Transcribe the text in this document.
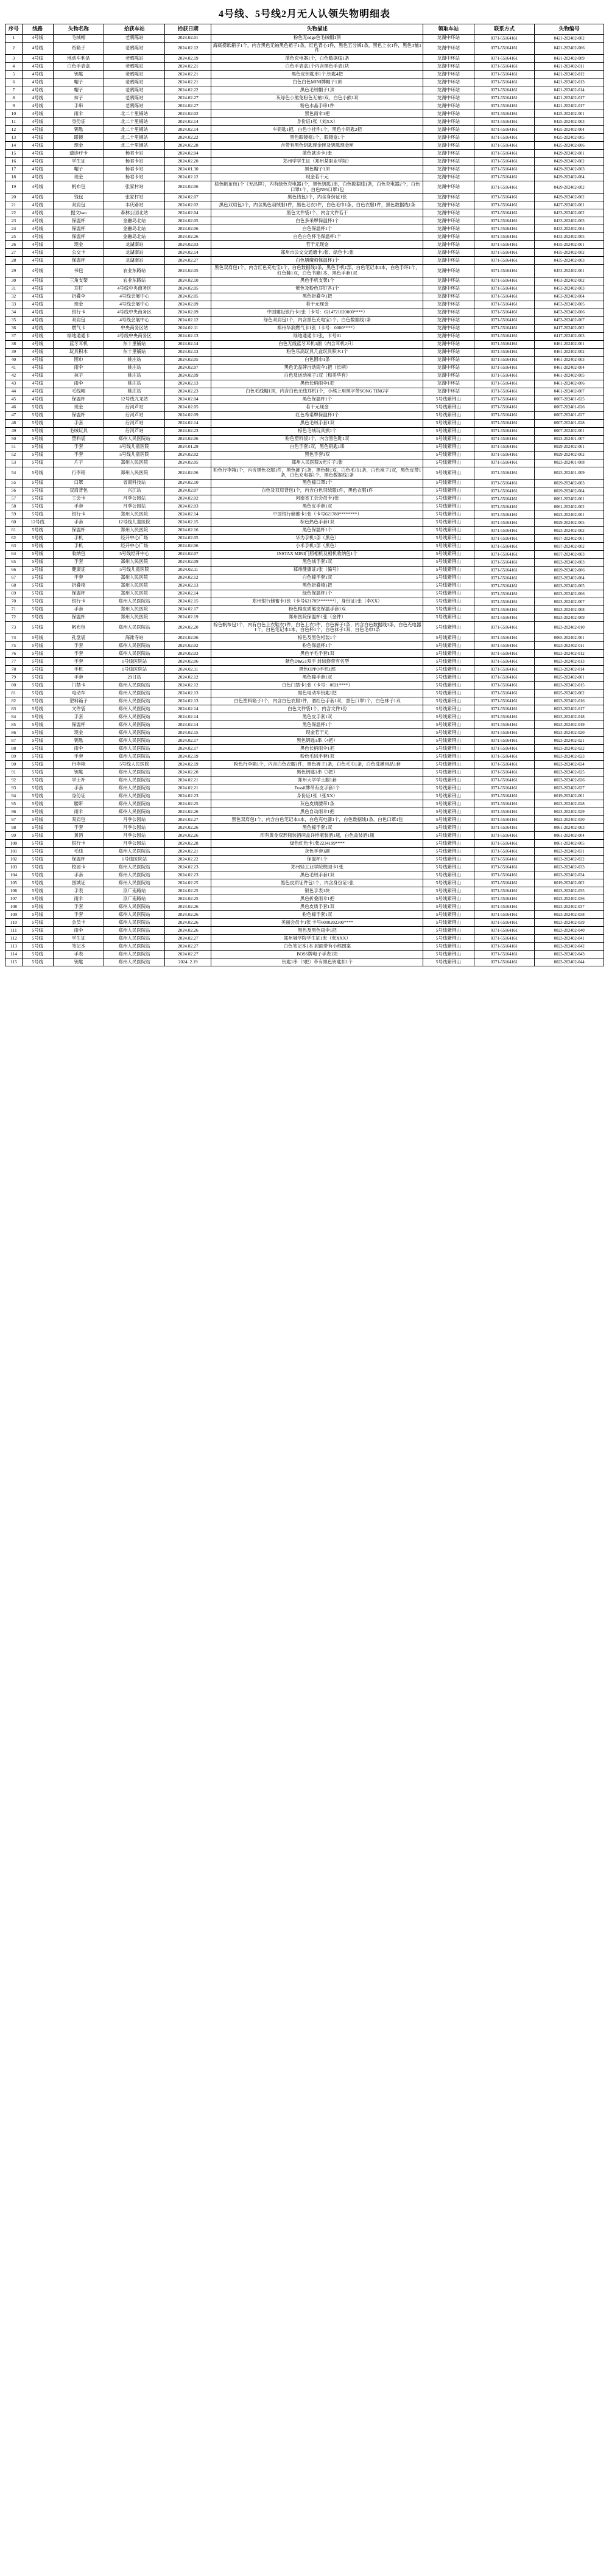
4号线、5号线2月无人认领失物明细表
序号	线路	失物名称	拾获车站	拾获日期	失物描述	领取车站	联系方式	失物编号
1	4号线	毛绒帽	老鸦陈站	2024.02.01	粉色无edge色毛绒帽1顶	龙湖中环站	0371-55164161	0421-202402-002
2	4号线	纸箱子	老鸦陈站	2024.02.12	海底捞纸箱子1个，内含黑色无袖黑色裙子1条，红色背心1件，黑色五分裤1条，黑色上衣1件，黑色T恤1件	龙湖中环站	0371-55164161	0421-202402-006
3	4号线	地动车利品	老鸦陈站	2024.02.19	蓝色充电器1个，白色数据线1条	龙湖中环站	0371-55164161	0421-202402-009
4	4号线	白色手表盒	老鸦陈站	2024.02.21	白色手表盒1个内含黑色手表1块	龙湖中环站	0371-55164161	0421-202402-011
5	4号线	钥匙	老鸦陈站	2024.02.21	黑色皮钥匙串1个,钥匙4把	龙湖中环站	0371-55164161	0421-202402-012
6	4号线	帽子	老鸦陈站	2024.02.21	白色白色MINI牌帽子1顶	龙湖中环站	0371-55164161	0421-202402-013
7	4号线	帽子	老鸦陈站	2024.02.22	黑色毛绒帽子1顶	龙湖中环站	0371-55164161	0421-202402-014
8	4号线	袜子	老鸦陈站	2024.02.27	灰绿色小熊免粉色无袖1双，白色小熊1双	龙湖中环站	0371-55164161	0421-202402-017
9	4号线	手串	老鸦陈站	2024.02.27	粉色水晶手串1件	龙湖中环站	0371-55164161	0421-202402-017
10	4号线	雨伞	北二十里铺站	2024.02.02	黑色雨伞1把	龙湖中环站	0371-55164161	0425-202402-001
11	4号线	身份证	北二十里铺站	2024.02.14	身份证1张（刘XX）	龙湖中环站	0371-55164161	0425-202402-003
12	4号线	钥匙	北二十里铺站	2024.02.14	车钥匙1把，白色小挂件1个，黑色小钥匙2把	龙湖中环站	0371-55164161	0425-202402-004
13	4号线	眼镜	北二十里铺站	2024.02.22	黑色眼镜框1个，眼镜盒1个	龙湖中环站	0371-55164161	0425-202402-005
14	4号线	现金	北二十里铺站	2024.02.28	含带有黑色钥匙现金匣及钥匙现金匣	龙湖中环站	0371-55164161	0425-202402-006
15	4号线	遗诊疗卡	杨君卡站	2024.02.04	蓝色就诊卡1张	龙湖中环站	0371-55164161	0429-202402-001
16	4号线	学生证	杨君卡站	2024.02.20	郑州学学生证（郑州某职业学院）	龙湖中环站	0371-55164161	0429-202402-002
17	4号线	帽子	杨君卡站	2024.01.30	黑色帽子1顶	龙湖中环站	0371-55164161	0429-202402-003
18	4号线	现金	杨君卡站	2024.02.12	现金若干元	龙湖中环站	0371-55164161	0429-202402-004
19	4号线	帆布包	张家村站	2024.02.06	棕色帆布包1个（无品牌），内有绿色充电器1个，黑色钥匙1串，白色数据线1条，白色充电器2个，白色口罩1个，白色N95口罩1包	龙湖中环站	0371-55164161	0429-202402-002
20	4号线	钱包	张家村站	2024.02.07	黑色钱包1个，内含身份证1张	龙湖中环站	0371-55164161	0429-202402-002
21	4号线	双肩包	丰庆路站	2024.02.02	黑色双肩包1个，内含黑色羽绒服1件，黑色毛衣1件，白色毛巾1条，白色衣服1件，黑色数据线1条	龙湖中环站	0371-55164161	0427-202402-001
22	4号线	提文hao	森林公园北站	2024.02.04	黑色文件袋1个，内含文件若干	龙湖中环站	0371-55164161	0433-202402-002
23	4号线	保温杯	金融岛北站	2024.02.05	白色多采牌保温杯1个	龙湖中环站	0371-55164161	0433-202402-003
24	4号线	保温杯	金融岛北站	2024.02.06	白色保温杯1个	龙湖中环站	0371-55164161	0433-202402-004
25	4号线	保温杯	金融岛北站	2024.02.26	白色白色杯毛保温杯1个	龙湖中环站	0371-55164161	0433-202402-005
26	4号线	现金	龙湖南站	2024.02.03	若干元现金	龙湖中环站	0371-55164161	0435-202402-001
27	4号线	公交卡	龙湖南站	2024.02.14	郑州市公交交通通卡1张、绿色卡1张	龙湖中环站	0371-55164161	0435-202402-002
28	4号线	保温杯	龙湖南站	2024.02.27	白色膳魔师保温杯1个	龙湖中环站	0371-55164161	0435-202402-003
29	4号线	书包	农业东路站	2024.02.05	黑色双肩包1个，内含红色充电宝1个，白色数据线1条，黑色手机1部，白色笔记本1本，白色手环1个，红色鞋1双，白色书籍1本，黑色手套1双	龙湖中环站	0371-55164161	0453-202402-001
30	4号线	三角支架	农业东路站	2024.02.10	黑色手机支架1个	龙湖中环站	0371-55164161	0453-202402-002
31	4号线	耳钉	4号线中央商务区	2024.02.05	紫色及粉色耳钉各1个	龙湖中环站	0371-55164161	0453-202402-003
32	4号线	折叠伞	4号线会展中心	2024.02.05	黑色折叠伞1把	龙湖中环站	0371-55164161	0453-202402-004
33	4号线	现金	4号线会展中心	2024.02.09	若干元现金	龙湖中环站	0371-55164161	0453-202402-005
34	4号线	银行卡	4号线中央商务区	2024.02.09	中国建设银行卡1张（卡号：6214721020000****）	龙湖中环站	0371-55164161	0453-202402-006
35	4号线	双肩包	4号线会展中心	2024.02.12	绿色双肩包1个，内含黑色充电宝1个，白色数据线1条	龙湖中环站	0371-55164161	0453-202402-007
36	4号线	燃气卡	中央商务区站	2024.02.11	郑州华润燃气卡1张（卡号：0000****）	龙湖中环站	0371-55164161	0417-202402-002
37	4号线	绿地通通卡	4号线中央商务区	2024.02.13	绿地通通卡1张，卡号01	龙湖中环站	0371-55164161	0417-202402-003
38	4号线	蓝牙耳机	东十里铺站	2024.02.14	白色无线蓝牙耳机1副（内含耳机2只）	龙湖中环站	0371-55164161	0461-202402-001
39	4号线	玩具积木	东十里铺站	2024.02.13	粉色乐高玩具几盒玩具积木1个	龙湖中环站	0371-55164161	0461-202402-002
40	4号线	围巾	姚庄站	2024.02.05	白色围巾1条	龙湖中环站	0371-55164161	0461-202402-003
41	4号线	雨伞	姚庄站	2024.02.07	黑色无品牌自动雨伞1把（长柄）	龙湖中环站	0371-55164161	0461-202402-004
42	4号线	袜子	姚庄站	2024.02.09	白色及运动袜子1双（和美华有）	龙湖中环站	0371-55164161	0461-202402-005
43	4号线	雨伞	姚庄站	2024.02.13	黑色长柄雨伞1把	龙湖中环站	0371-55164161	0461-202402-006
44	4号线	毛线帽	姚庄站	2024.02.23	白色毛线帽1顶，内含白色无线耳机1个，小熊上用黑字带SONG TING字	龙湖中环站	0371-55164161	0461-202402-007
45	4号线	保温杯	12号线九龙站	2024.02.04	黑色保温杯1个	5号线紫荆山	0371-55164161	0007-202401-025
46	5号线	现金	后河芦站	2024.02.05	若干元现金	5号线紫荆山	0371-55164161	0007-202401-026
47	5号线	保温杯	后河芦站	2024.02.09	红色希诺牌保温杯1个	5号线紫荆山	0371-55164161	0007-202401-027
48	5号线	手套	后河芦站	2024.02.14	黑色毛绒手套1双	5号线紫荆山	0371-55164161	0007-202401-028
49	5号线	毛绒玩具	后河芦站	2024.02.23	棕色毛绒玩具熊1个	5号线紫荆山	0371-55164161	0007-202402-001
50	5号线	塑料袋	郑州人民医院站	2024.02.06	粉色塑料袋1个，内含黑色鞋1双	5号线紫荆山	0371-55164161	0023-202401-007
51	5号线	手套	5号线儿童医院	2024.01.29	白色手套1双，黑色钥匙1串	5号线紫荆山	0371-55164161	0029-202402-001
52	5号线	手套	5号线儿童医院	2024.02.02	黑色手套1双	5号线紫荆山	0371-55164161	0029-202402-002
53	5号线	片子	郑州人民医院	2024.02.05	郑州人民医院X光片子1张	5号线紫荆山	0371-55164161	0023-202401-008
54	5号线	行李箱	郑州人民医院	2024.02.06	粉色行李箱1个，内含黑色衣服1件，黑色裤子1条，黑色鞋1双，白色毛巾1条，白色袜子1双，黑色皮带1条，白色充电器1个，黑色数据线1条	5号线紫荆山	0371-55164161	0023-202401-009
55	5号线	口罩	省南科技站	2024.02.10	黑色棉口罩1个	5号线紫荆山	0371-55164161	0029-202402-003
56	5号线	双肩背包	兴江站	2024.02.07	白色及双肩背包1个，内含白色羽绒服1件，黑色衣服1件	5号线紫荆山	0371-55164161	0029-202402-004
57	5号线	工会卡	月季公园站	2024.02.02	河南省工会会员卡1张	5号线紫荆山	0371-55164161	0061-202402-001
58	5号线	手套	月季公园站	2024.02.03	黑色皮手套1双	5号线紫荆山	0371-55164161	0061-202402-002
59	5号线	银行卡	郑州人民医院	2024.02.14	中国银行储蓄卡1张（卡号621788********）	5号线紫荆山	0371-55164161	0023-202402-001
60	12号线	手套	12号线儿童医院	2024.02.15	棕色热色手套1双	5号线紫荆山	0371-55164161	0029-202402-005
61	5号线	保温杯	郑州人民医院	2024.02.16	黑色保温杯1个	5号线紫荆山	0371-55164161	0023-202402-002
62	5号线	手机	经开中心广场	2024.02.05	华为手机1部（黑色）	5号线紫荆山	0371-55164161	0037-202402-001
63	5号线	手机	经开中心广场	2024.02.06	小米手机1部（黑色）	5号线紫荆山	0371-55164161	0037-202402-002
64	5号线	收纳包	5号线经开中心	2024.02.07	INSTAX MINI门照相机及相机收纳包1个	5号线紫荆山	0371-55164161	0037-202402-003
65	5号线	手套	郑州人民医院	2024.02.09	黑色绒手套1双	5号线紫荆山	0371-55164161	0023-202402-003
66	5号线	健康证	5号线儿童医院	2024.02.11	郑州健康证1张（偏号）	5号线紫荆山	0371-55164161	0029-202402-006
67	5号线	手套	郑州人民医院	2024.02.12	白色棉手套1双	5号线紫荆山	0371-55164161	0023-202402-004
68	5号线	折叠椅	郑州人民医院	2024.02.13	黑色折叠椅1把	5号线紫荆山	0371-55164161	0023-202402-005
69	5号线	保温杯	郑州人民医院	2024.02.14	绿色保温杯1个	5号线紫荆山	0371-55164161	0023-202402-006
70	5号线	银行卡	郑州人民医院站	2024.02.15	郑州银行储蓄卡1张（卡号621785*******），身份证1张（李XX）	5号线紫荆山	0371-55164161	0023-202402-007
71	5号线	手套	郑州人民医院	2024.02.17	粉色棉皮质熊皮保温手套1双	5号线紫荆山	0371-55164161	0023-202402-008
72	5号线	保温杯	郑州人民医院	2024.02.19	郑州医院保温杯1张（金件）	5号线紫荆山	0371-55164161	0023-202402-009
73	5号线	帆布包	郑州人民医院站	2024.02.20	棕色帆布包1个，内有白色上衣鞋衣1件，白色上衣1件，白色裤子1条，内含白色数据线1条，白色充电器1个，白色笔记本1本，白色杯1个，白色袜子1双，白色毛巾1条	5号线紫荆山	0371-55164161	0023-202402-010
74	5号线	孔盘袋	海滩寺站	2024.02.06	棕色及黑色相装1个	5号线紫荆山	0371-55164161	0065-202402-001
75	5号线	手套	郑州人民医院站	2024.02.02	粉色保温杯1个	5号线紫荆山	0371-55164161	0023-202402-011
76	5号线	手套	郑州人民医院站	2024.02.03	黑色羊毛手套1双	5号线紫荆山	0371-55164161	0023-202402-012
77	5号线	手套	1号线医院站	2024.02.06	献色D&G1双手 封绒修带有名型	5号线紫荆山	0371-55164161	0023-202402-013
78	5号线	手机	1号线医院站	2024.02.11	黑色OPPO手机1部	5号线紫荆山	0371-55164161	0023-202402-014
79	5号线	手套	29日站	2024.02.12	黑色棉手套1双	5号线紫荆山	0371-55164161	0025-202402-001
80	5号线	门禁卡	郑州人民医院站	2024.02.12	白色门禁卡1张（卡号：0021****）	5号线紫荆山	0371-55164161	0023-202402-015
81	5号线	电动车	郑州人民医院站	2024.02.13	黑色电动车钥匙1把	5号线紫荆山	0371-55164161	0025-202402-002
82	5号线	塑料箱子	郑州人民医院站	2024.02.13	白色塑料箱子1个，内含白色衣服1件，酒红色手套1双，黑色口罩1个，白色袜子1双	5号线紫荆山	0371-55164161	0023-202402-016
83	5号线	文件袋	郑州人民医院站	2024.02.14	白色文件袋1个，内含文件1份	5号线紫荆山	0371-55164161	0023-202402-017
84	5号线	手套	郑州人民医院站	2024.02.14	黑色皮手套1双	5号线紫荆山	0371-55164161	0023-202402-018
85	5号线	保温杯	郑州人民医院站	2024.02.14	黑色保温杯1个	5号线紫荆山	0371-55164161	0023-202402-019
86	5号线	现金	郑州人民医院站	2024.02.15	现金若干元	5号线紫荆山	0371-55164161	0023-202402-020
87	5号线	钥匙	郑州人民医院站	2024.02.17	黑色钥匙1串（4把）	5号线紫荆山	0371-55164161	0023-202402-021
88	5号线	雨伞	郑州人民医院站	2024.02.17	黑色长柄雨伞1把	5号线紫荆山	0371-55164161	0023-202402-022
89	5号线	手套	郑州人民医院站	2024.02.19	粉色毛绒手套1双	5号线紫荆山	0371-55164161	0023-202402-023
90	5号线	行李箱	5号线人民医院	2024.02.19	粉色行李箱1个，内含白色衣服1件，黑色裤子1条，白色毛巾1条，白色洗漱用品1套	5号线紫荆山	0371-55164161	0023-202402-024
91	5号线	钥匙	郑州人民医院站	2024.02.20	黑色钥匙1串（3把）	5号线紫荆山	0371-55164161	0023-202402-025
92	5号线	学士补	郑州人民医院站	2024.02.21	郑州大学学士服1套	5号线紫荆山	0371-55164161	0023-202402-026
93	5号线	手套	郑州人民医院站	2024.02.21	Fossil牌带有皮手套1个	5号线紫荆山	0371-55164161	0023-202402-027
94	5号线	身份证	郑州人民医院站	2024.02.23	身份证1张（张XX）	5号线紫荆山	0371-55164161	0019-202402-001
95	5号线	腰带	郑州人民医院站	2024.02.25	灰色皮质腰带1条	5号线紫荆山	0371-55164161	0023-202402-028
96	5号线	雨伞	郑州人民医院站	2024.02.26	黑色自动雨伞1把	5号线紫荆山	0371-55164161	0023-202402-029
97	5号线	双肩包	月季公园站	2024.02.27	黑色双肩包1个，内含白色笔记本1本，白色充电器1个，白色数据线1条，白色口罩1包	5号线紫荆山	0371-55164161	0023-202402-030
98	5号线	手套	月季公园站	2024.02.26	黑色棉手套1双	5号线紫荆山	0371-55164161	0061-202402-003
99	5号线	黄酒	月季公园站	2024.02.26	印有黄金双形瓶装酒两盒详样瓶装酒1瓶，白色盒装酒1瓶	5号线紫荆山	0371-55164161	0061-202402-004
100	5号线	银行卡	月季公园站	2024.02.28	绿色红色卡1张2234199****	5号线紫荆山	0371-55164161	0061-202402-005
101	5号线	毛线	郑州人民医院站	2024.02.21	灰色手套1副	5号线紫荆山	0371-55164161	0023-202402-031
102	5号线	保温杯	1号线医院站	2024.02.22	保温杯1个	5号线紫荆山	0371-55164161	0023-202402-032
103	5号线	校园卡	郑州人民医院站	2024.02.23	郑州轻工业学院校园卡1张	5号线紫荆山	0371-55164161	0023-202402-033
104	5号线	手套	郑州人民医院站	2024.02.23	黑色毛绒手套1双	5号线紫荆山	0371-55164161	0023-202402-034
105	5号线	围城证	郑州人民医院站	2024.02.25	黑色皮质证件包1个，内含身份证1张	5号线紫荆山	0371-55164161	0019-202402-002
106	5号线	手表	京广南路站	2024.02.25	银色手表1块	5号线紫荆山	0371-55164161	0023-202402-035
107	5号线	雨伞	京广南路站	2024.02.25	黑色折叠雨伞1把	5号线紫荆山	0371-55164161	0023-202402-036
108	5号线	手套	郑州人民医院站	2024.02.26	黑色皮质手套1双	5号线紫荆山	0371-55164161	0023-202402-037
109	5号线	手套	郑州人民医院站	2024.02.26	粉色棉手套1双	5号线紫荆山	0371-55164161	0023-202402-038
110	5号线	会员卡	郑州人民医院站	2024.02.26	美丽会员卡1张 卡号6000202300****	5号线紫荆山	0371-55164161	0023-202402-039
111	5号线	雨伞	郑州人民医院站	2024.02.26	黑色及黑色雨伞1把	5号线紫荆山	0371-55164161	0023-202402-040
112	5号线	学生证	郑州人民医院站	2024.02.27	郑州城学院学生证1张（张XXX）	5号线紫荆山	0371-55164161	0023-202402-041
113	5号线	笔记本	郑州人民医院站	2024.02.27	白色笔记本1本 封面带有小熊图案	5号线紫荆山	0371-55164161	0023-202402-042
114	5号线	手表	郑州人民医院站	2024.02.27	BOSS牌电子手表1块	5号线紫荆山	0371-55164161	0023-202402-043
115	5号线	钥匙	郑州人民医院站	2024. 2.19	钥匙1串（3把）带有黑色钥匙扣1个	5号线紫荆山	0371-55164161	0023-202402-044
